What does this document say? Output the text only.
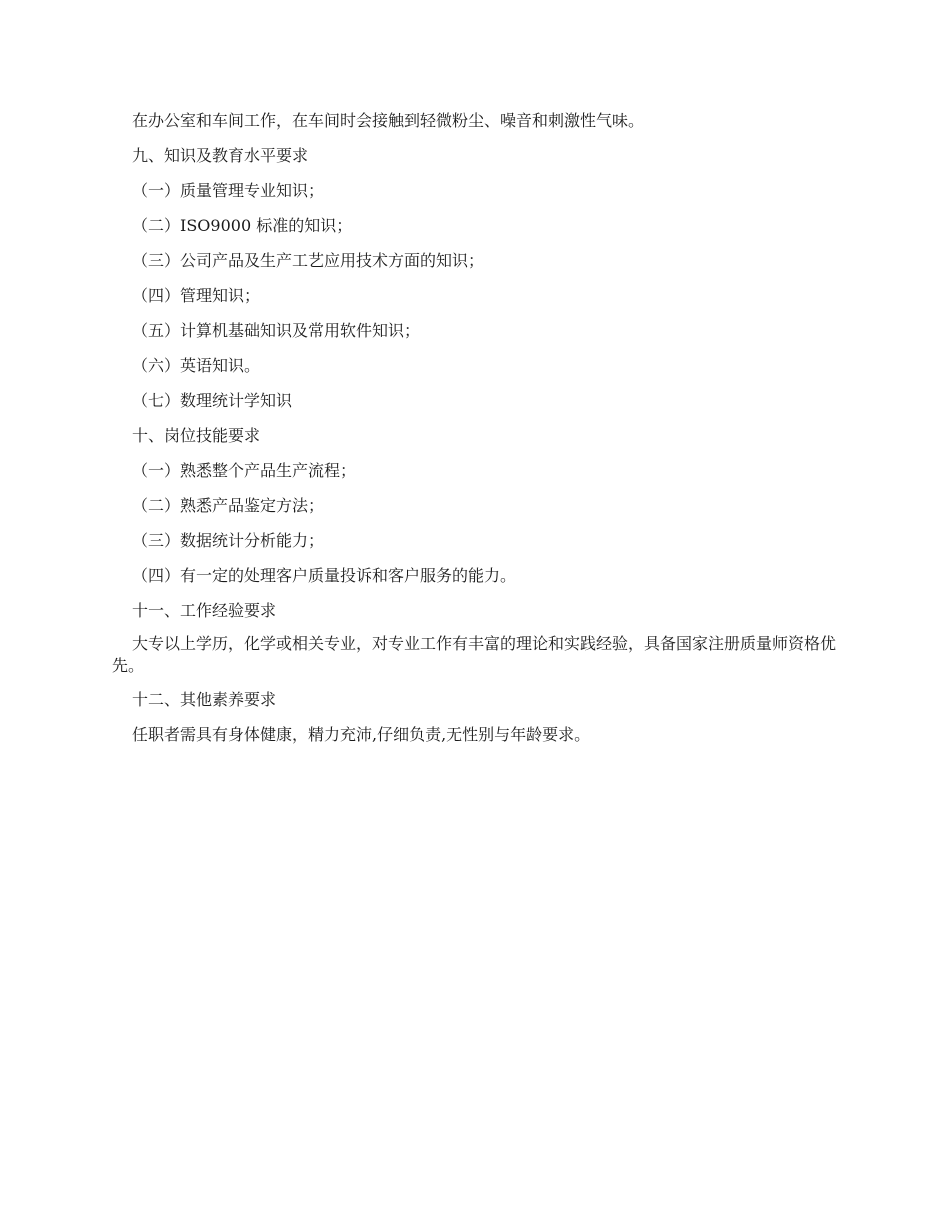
在办公室和车间工作，在车间时会接触到轻微粉尘、噪音和刺激性气味。

九、知识及教育水平要求

（一）质量管理专业知识；

（二）ISO9000 标准的知识；

（三）公司产品及生产工艺应用技术方面的知识；

（四）管理知识；

（五）计算机基础知识及常用软件知识；

（六）英语知识。

（七）数理统计学知识

十、岗位技能要求

（一）熟悉整个产品生产流程；

（二）熟悉产品鉴定方法；

（三）数据统计分析能力；

（四）有一定的处理客户质量投诉和客户服务的能力。

十一、工作经验要求

大专以上学历，化学或相关专业，对专业工作有丰富的理论和实践经验，具备国家注册质量师资格优先。

十二、其他素养要求

任职者需具有身体健康，精力充沛,仔细负责,无性别与年龄要求。
